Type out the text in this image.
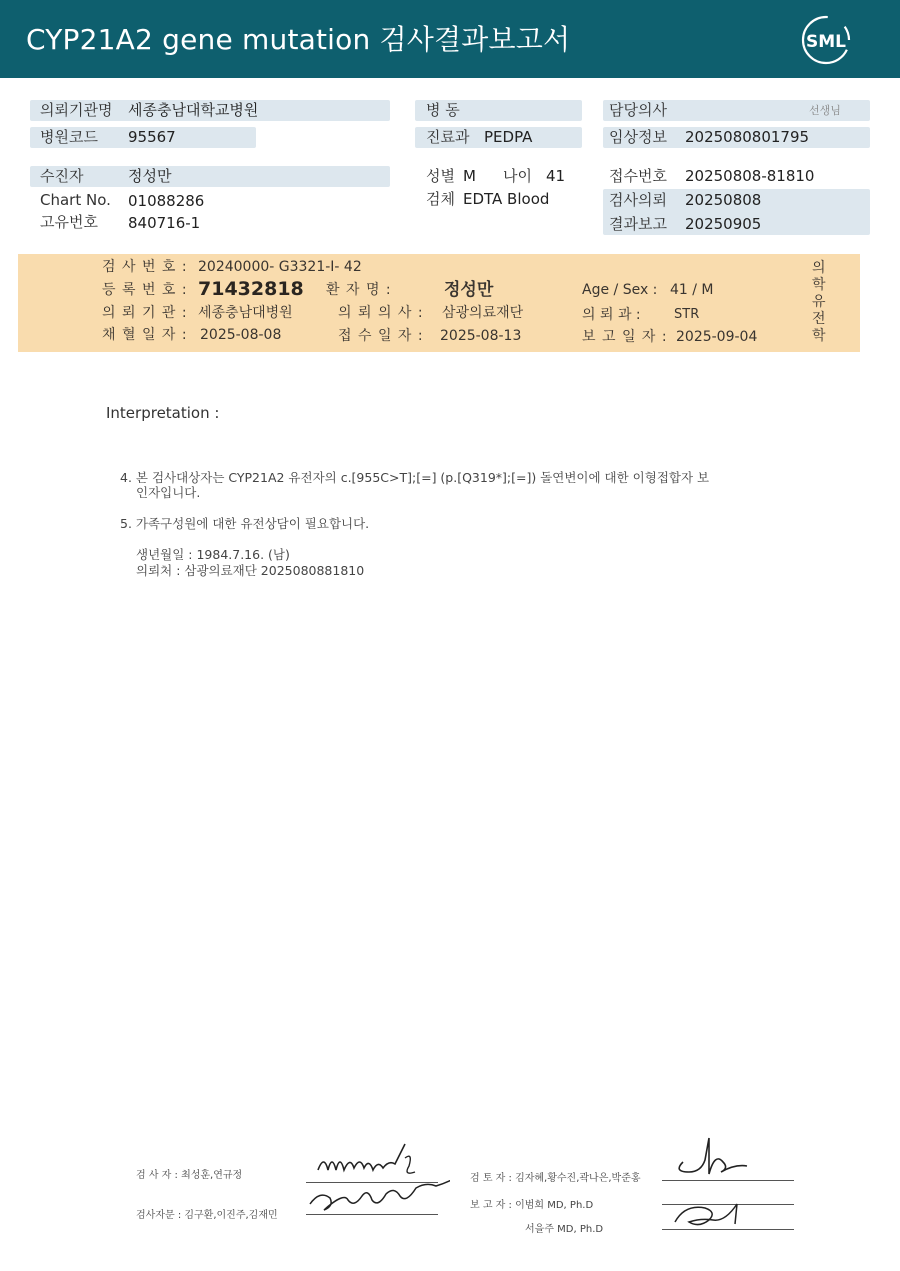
CYP21A2 gene mutation 검사결과보고서	SML
의뢰기관명 세종충남대학교병원	병 동	담당의사	선생님
병원코드 95567	진료과 PEDPA	임상정보 2025080801795
수진자	정성만	성별 M 나이 41	접수번호 20250808-81810
Chart No. 01088286	검체 EDTA Blood	검사의뢰 20250808
고유번호 840716-1	결과보고 20250905
검 사 번 호 : 20240000- G3321-I- 42
등 록 번 호 : 71432818 환 자 명 :	정성만	Age / Sex : 41 / M
의 뢰 기 관 : 세종충남대병원	의 뢰 의 사 : 삼광의료재단	의 뢰 과 :	STR
채 혈 일 자 : 2025-08-08	접 수 일 자 : 2025-08-13	보 고 일 자 : 2025-09-04
의학유전학
Interpretation :
4. 본 검사대상자는 CYP21A2 유전자의 c.[955C>T];[=] (p.[Q319*];[=]) 돌연변이에 대한 이형접합자 보
인자입니다.
5. 가족구성원에 대한 유전상담이 필요합니다.
생년월일 : 1984.7.16. (남)
의뢰처 : 삼광의료재단 2025080881810
검 사 자 : 최성훈,연규정
검사자문 : 김구환,이진주,김재민
검 토 자 : 김자혜,황수진,곽나은,박준홍
보 고 자 : 이범희 MD, Ph.D
서을주 MD, Ph.D
